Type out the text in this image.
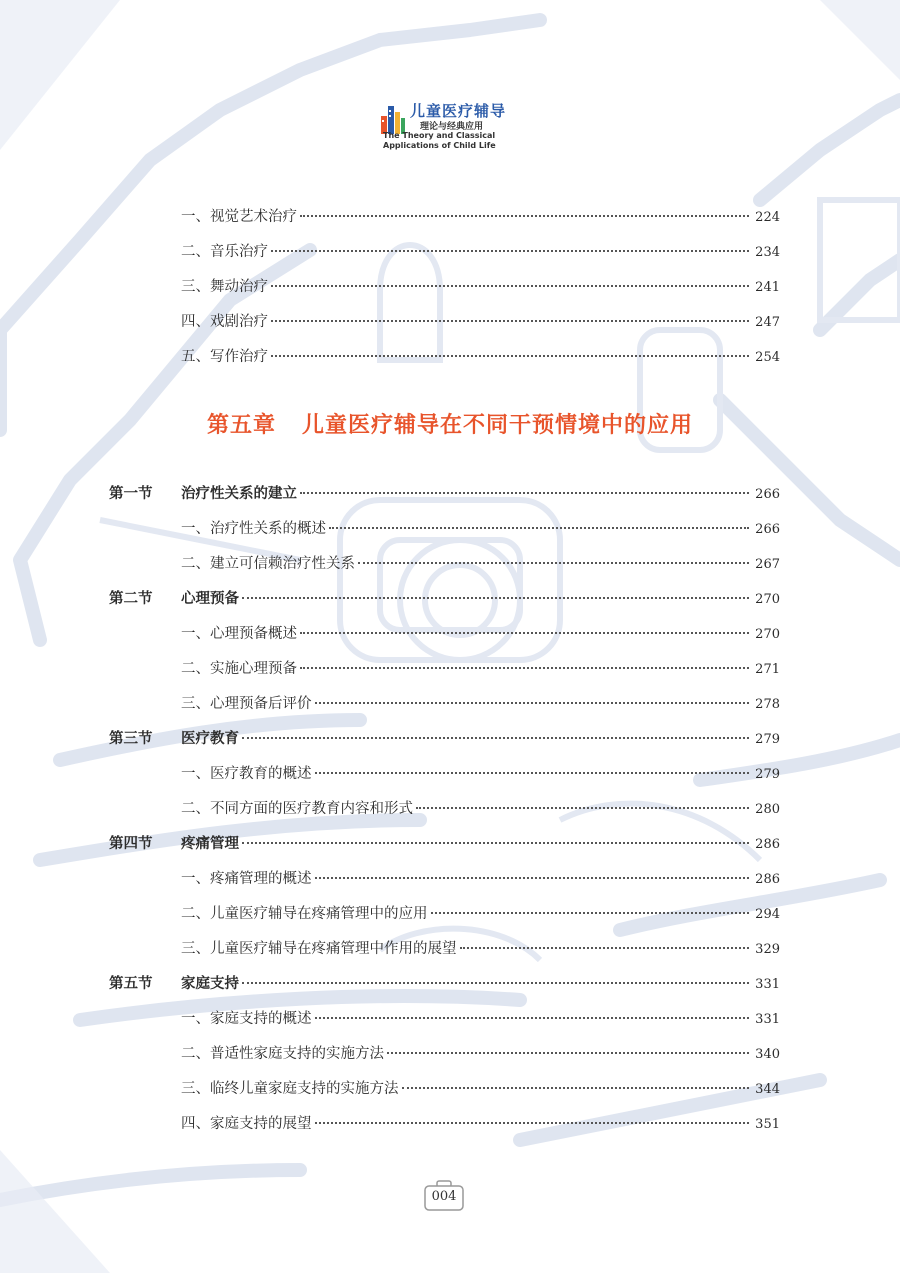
儿童医疗辅导
理论与经典应用
The Theory and Classical
Applications of Child Life
一、视觉艺术治疗	224
二、音乐治疗	234
三、舞动治疗	241
四、戏剧治疗	247
五、写作治疗	254
第五章 儿童医疗辅导在不同干预情境中的应用
第一节	治疗性关系的建立	266
一、治疗性关系的概述	266
二、建立可信赖治疗性关系	267
第二节	心理预备	270
一、心理预备概述	270
二、实施心理预备	271
三、心理预备后评价	278
第三节	医疗教育	279
一、医疗教育的概述	279
二、不同方面的医疗教育内容和形式	280
第四节	疼痛管理	286
一、疼痛管理的概述	286
二、儿童医疗辅导在疼痛管理中的应用	294
三、儿童医疗辅导在疼痛管理中作用的展望	329
第五节	家庭支持	331
一、家庭支持的概述	331
二、普适性家庭支持的实施方法	340
三、临终儿童家庭支持的实施方法	344
四、家庭支持的展望	351
004
